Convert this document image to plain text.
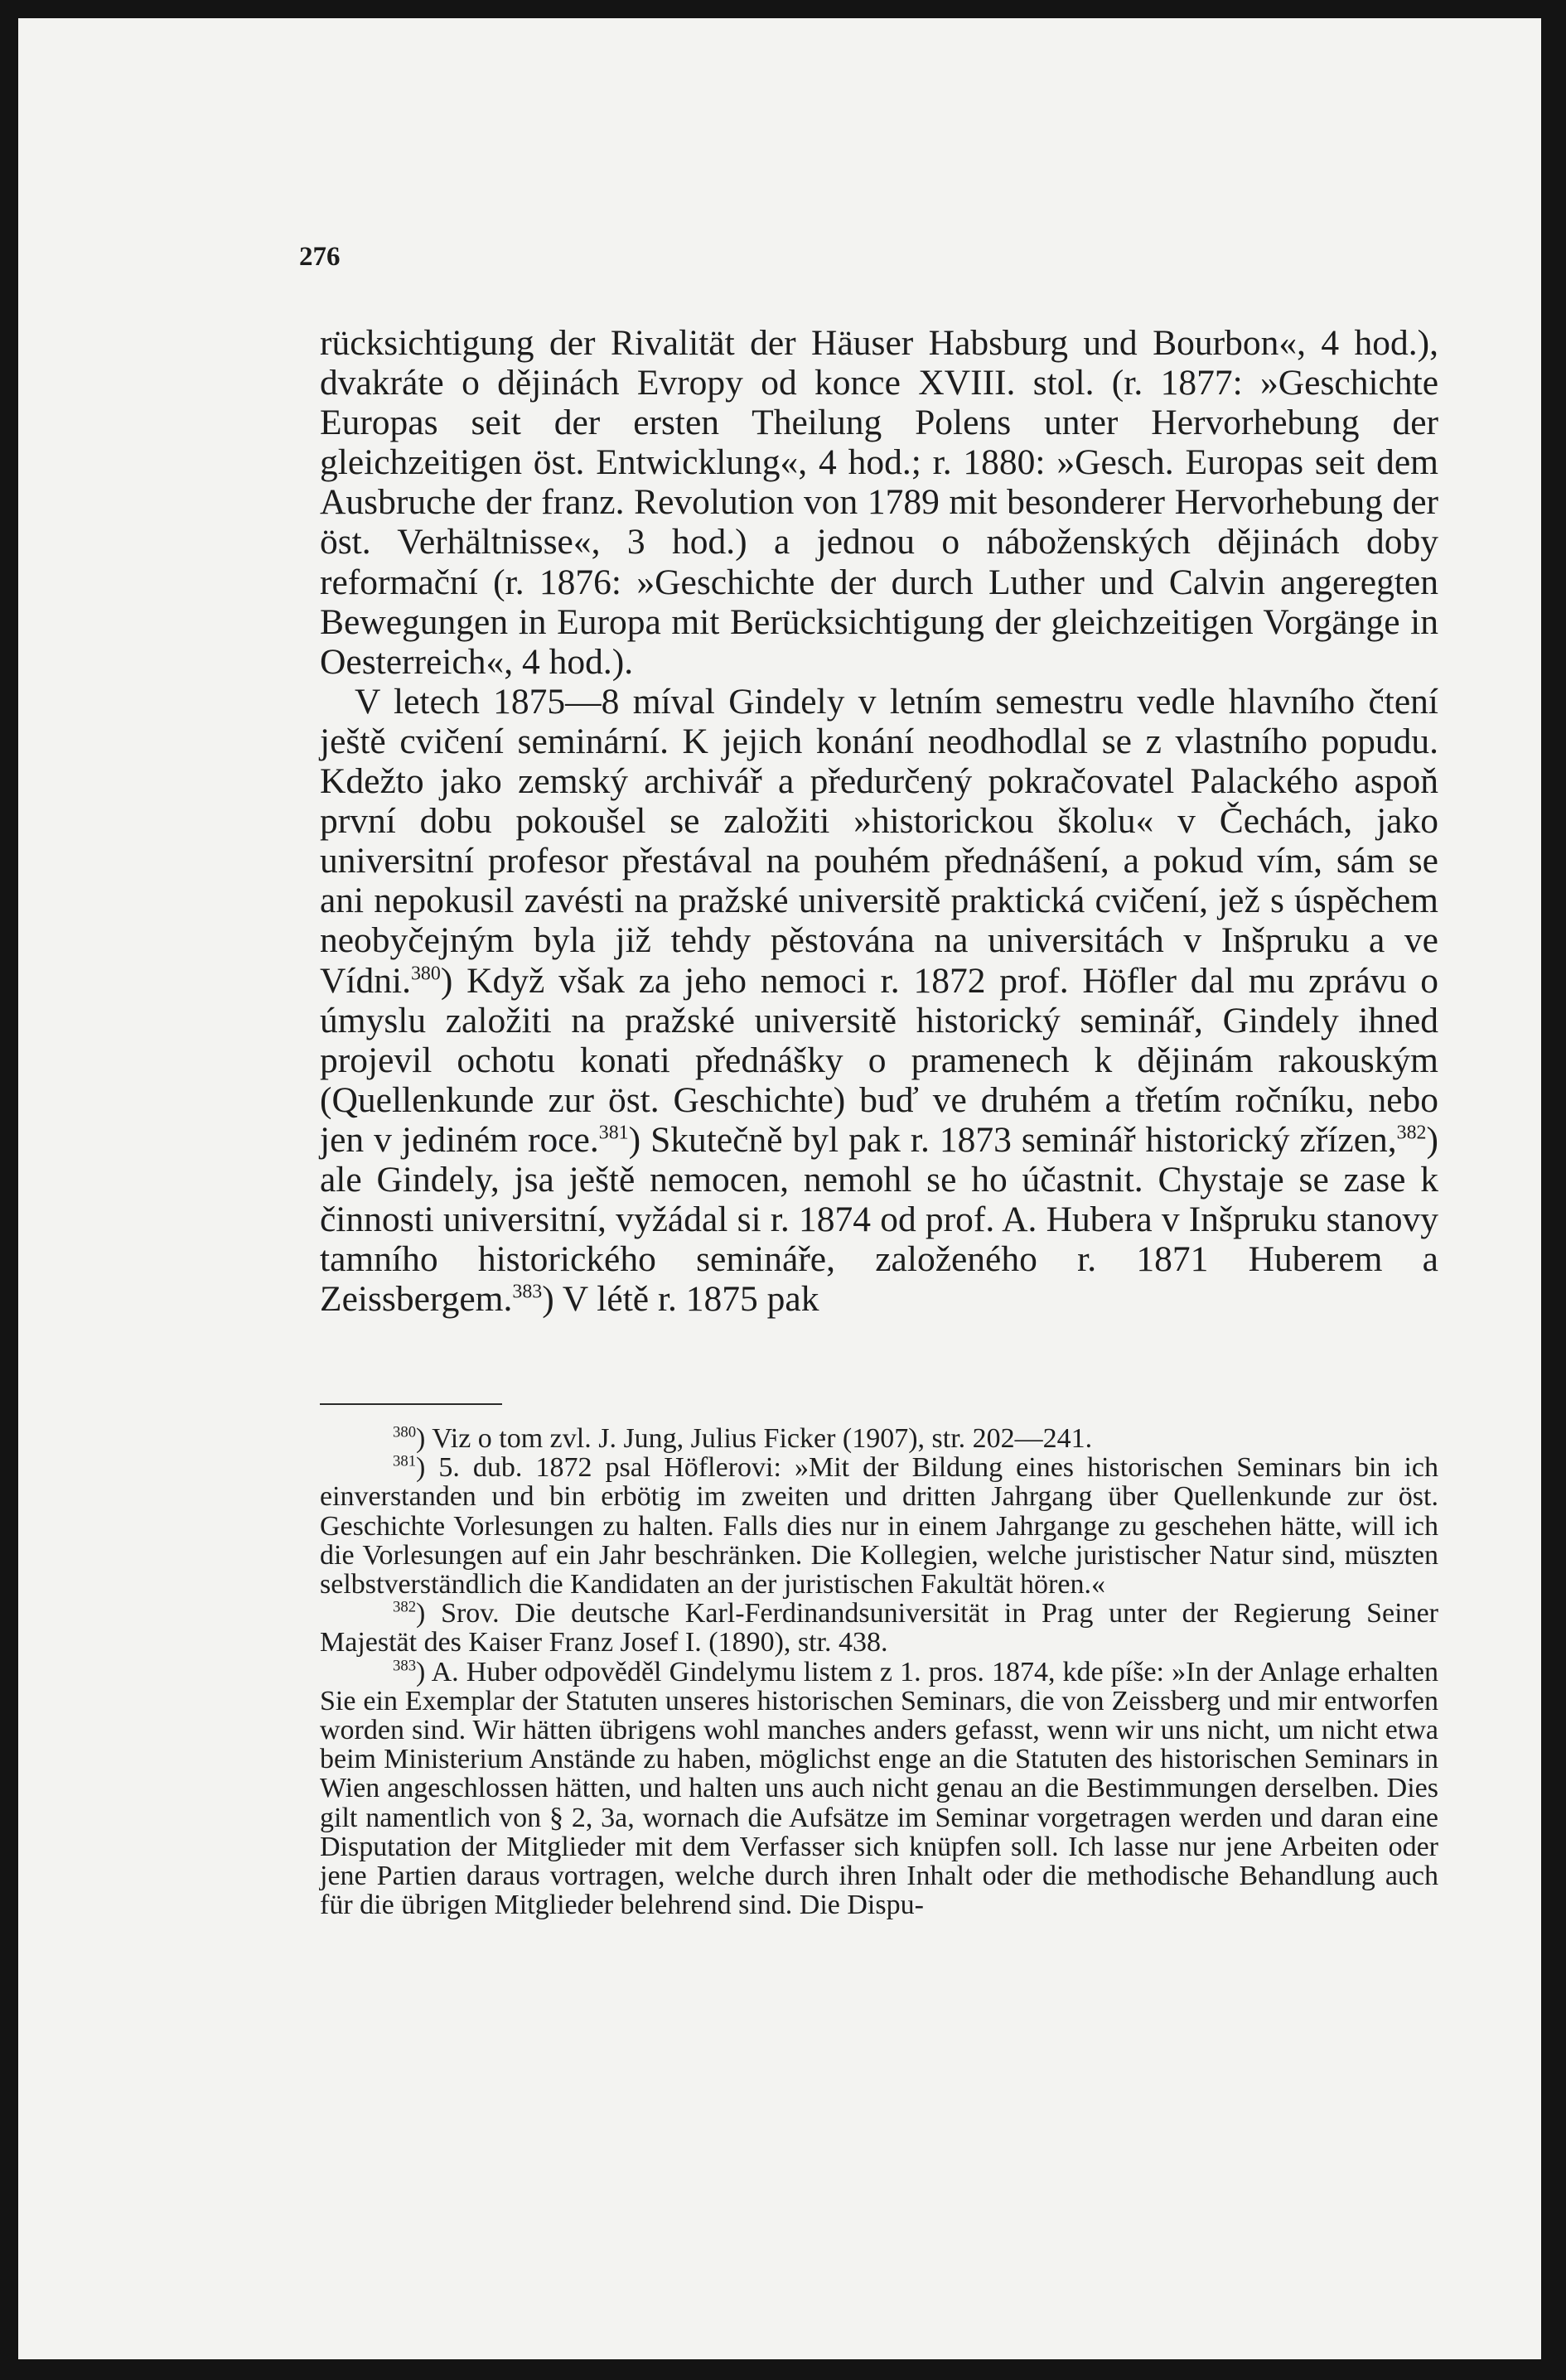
276

rücksichtigung der Rivalität der Häuser Habsburg und Bourbon«, 4 hod.), dvakráte o dějinách Evropy od konce XVIII. stol. (r. 1877: »Geschichte Europas seit der ersten Theilung Polens unter Hervorhebung der gleichzeitigen öst. Entwicklung«, 4 hod.; r. 1880: »Gesch. Europas seit dem Ausbruche der franz. Revolution von 1789 mit besonderer Hervorhebung der öst. Verhältnisse«, 3 hod.) a jednou o náboženských dějinách doby reformační (r. 1876: »Geschichte der durch Luther und Calvin angeregten Bewegungen in Europa mit Berücksichtigung der gleichzeitigen Vorgänge in Oesterreich«, 4 hod.).

V letech 1875—8 míval Gindely v letním semestru vedle hlavního čtení ještě cvičení seminární. K jejich konání neodhodlal se z vlastního popudu. Kdežto jako zemský archivář a předurčený pokračovatel Palackého aspoň první dobu pokoušel se založiti »historickou školu« v Čechách, jako universitní profesor přestával na pouhém přednášení, a pokud vím, sám se ani nepokusil zavésti na pražské universitě praktická cvičení, jež s úspěchem neobyčejným byla již tehdy pěstována na universitách v Inšpruku a ve Vídni.$^{380}$) Když však za jeho nemoci r. 1872 prof. Höfler dal mu zprávu o úmyslu založiti na pražské universitě historický seminář, Gindely ihned projevil ochotu konati přednášky o pramenech k dějinám rakouským (Quellenkunde zur öst. Geschichte) buď ve druhém a třetím ročníku, nebo jen v jediném roce.$^{381}$) Skutečně byl pak r. 1873 seminář historický zřízen,$^{382}$) ale Gindely, jsa ještě nemocen, nemohl se ho účastnit. Chystaje se zase k činnosti universitní, vyžádal si r. 1874 od prof. A. Hubera v Inšpruku stanovy tamního historického semináře, založeného r. 1871 Huberem a Zeissbergem.$^{383}$) V létě r. 1875 pak

$^{380}$) Viz o tom zvl. J. Jung, Julius Ficker (1907), str. 202—241.

$^{381}$) 5. dub. 1872 psal Höflerovi: »Mit der Bildung eines historischen Seminars bin ich einverstanden und bin erbötig im zweiten und dritten Jahrgang über Quellenkunde zur öst. Geschichte Vorlesungen zu halten. Falls dies nur in einem Jahrgange zu geschehen hätte, will ich die Vorlesungen auf ein Jahr beschränken. Die Kollegien, welche juristischer Natur sind, müszten selbstverständlich die Kandidaten an der juristischen Fakultät hören.«

$^{382}$) Srov. Die deutsche Karl-Ferdinandsuniversität in Prag unter der Regierung Seiner Majestät des Kaiser Franz Josef I. (1890), str. 438.

$^{383}$) A. Huber odpověděl Gindelymu listem z 1. pros. 1874, kde píše: »In der Anlage erhalten Sie ein Exemplar der Statuten unseres historischen Seminars, die von Zeissberg und mir entworfen worden sind. Wir hätten übrigens wohl manches anders gefasst, wenn wir uns nicht, um nicht etwa beim Ministerium Anstände zu haben, möglichst enge an die Statuten des historischen Seminars in Wien angeschlossen hätten, und halten uns auch nicht genau an die Bestimmungen derselben. Dies gilt namentlich von § 2, 3a, wornach die Aufsätze im Seminar vorgetragen werden und daran eine Disputation der Mitglieder mit dem Verfasser sich knüpfen soll. Ich lasse nur jene Arbeiten oder jene Partien daraus vortragen, welche durch ihren Inhalt oder die methodische Behandlung auch für die übrigen Mitglieder belehrend sind. Die Dispu-
